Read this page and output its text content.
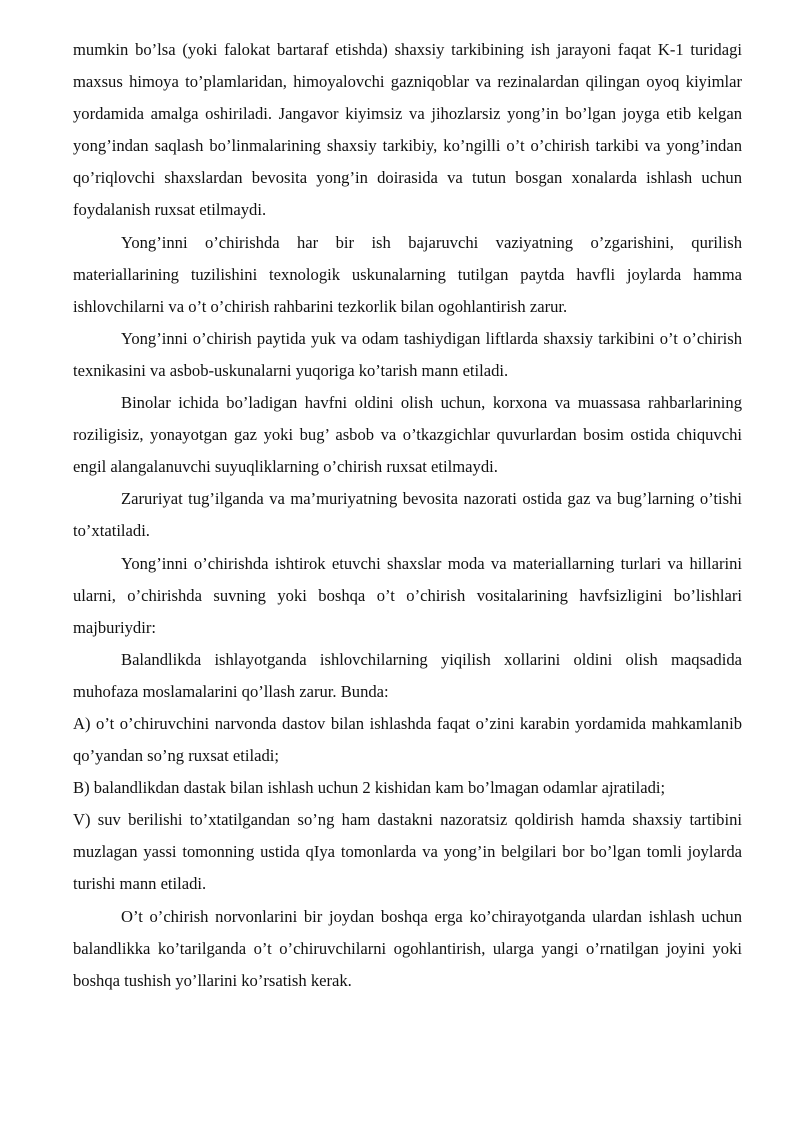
mumkin bo’lsa (yoki falokat bartaraf etishda) shaxsiy tarkibining ish jarayoni faqat K-1 turidagi maxsus himoya to’plamlaridan, himoyalovchi gazniqoblar va rezinalardan qilingan oyoq kiyimlar yordamida amalga oshiriladi. Jangavor kiyimsiz va jihozlarsiz yong’in bo’lgan joyga etib kelgan yong’indan saqlash bo’linmalarining shaxsiy tarkibiy, ko’ngilli o’t o’chirish tarkibi va yong’indan qo’riqlovchi shaxslardan bevosita yong’in doirasida va tutun bosgan xonalarda ishlash uchun foydalanish ruxsat etilmaydi.

Yong’inni o’chirishda har bir ish bajaruvchi vaziyatning o’zgarishini, qurilish materiallarining tuzilishini texnologik uskunalarning tutilgan paytda havfli joylarda hamma ishlovchilarni va o’t o’chirish rahbarini tezkorlik bilan ogohlantirish zarur.

Yong’inni o’chirish paytida yuk va odam tashiydigan liftlarda shaxsiy tarkibini o’t o’chirish texnikasini va asbob-uskunalarni yuqoriga ko’tarish mann etiladi.

Binolar ichida bo’ladigan havfni oldini olish uchun, korxona va muassasa rahbarlarining roziligisiz, yonayotgan gaz yoki bug’ asbob va o’tkazgichlar quvurlardan bosim ostida chiquvchi engil alangalanuvchi suyuqliklarning o’chirish ruxsat etilmaydi.

Zaruriyat tug’ilganda va ma’muriyatning bevosita nazorati ostida gaz va bug’larning o’tishi to’xtatiladi.

Yong’inni o’chirishda ishtirok etuvchi shaxslar moda va materiallarning turlari va hillarini ularni, o’chirishda suvning yoki boshqa o’t o’chirish vositalarining havfsizligini bo’lishlari majburiydir:

Balandlikda ishlayotganda ishlovchilarning yiqilish xollarini oldini olish maqsadida muhofaza moslamalarini qo’llash zarur. Bunda:

A) o’t o’chiruvchini narvonda dastov bilan ishlashda faqat o’zini karabin yordamida mahkamlanib qo’yandan so’ng ruxsat etiladi;

B) balandlikdan dastak bilan ishlash uchun 2 kishidan kam bo’lmagan odamlar ajratiladi;

V) suv berilishi to’xtatilgandan so’ng ham dastakni nazoratsiz qoldirish hamda shaxsiy tartibini muzlagan yassi tomonning ustida qIya tomonlarda va yong’in belgilari bor bo’lgan tomli joylarda turishi mann etiladi.

O’t o’chirish norvonlarini bir joydan boshqa erga ko’chirayotganda ulardan ishlash uchun balandlikka ko’tarilganda o’t o’chiruvchilarni ogohlantirish, ularga yangi o’rnatilgan joyini yoki boshqa tushish yo’llarini ko’rsatish kerak.
